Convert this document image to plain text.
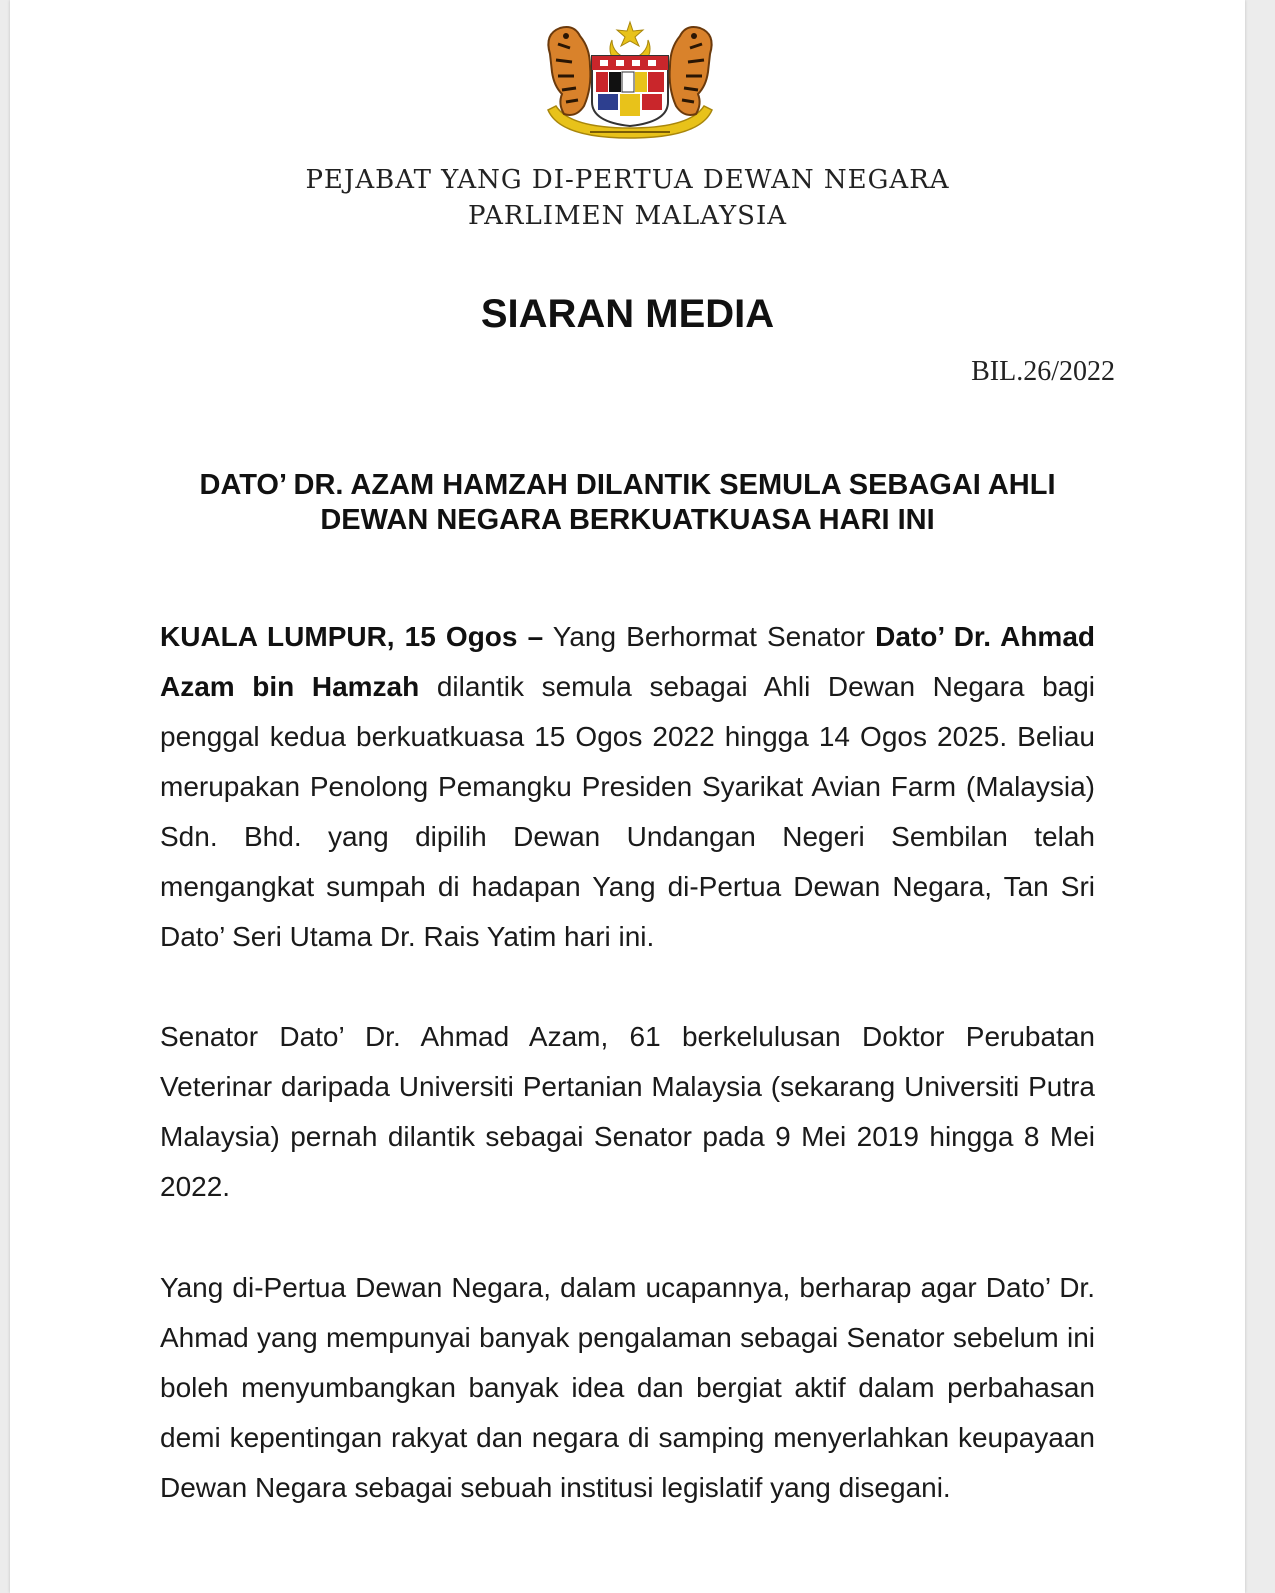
PEJABAT YANG DI-PERTUA DEWAN NEGARA

PARLIMEN MALAYSIA

SIARAN MEDIA
BIL.26/2022
DATO’ DR. AZAM HAMZAH DILANTIK SEMULA SEBAGAI AHLI
DEWAN NEGARA BERKUATKUASA HARI INI

KUALA LUMPUR, 15 Ogos – Yang Berhormat Senator Dato’ Dr. Ahmad Azam bin Hamzah dilantik semula sebagai Ahli Dewan Negara bagi penggal kedua berkuatkuasa 15 Ogos 2022 hingga 14 Ogos 2025. Beliau merupakan Penolong Pemangku Presiden Syarikat Avian Farm (Malaysia) Sdn. Bhd. yang dipilih Dewan Undangan Negeri Sembilan telah mengangkat sumpah di hadapan Yang di-Pertua Dewan Negara, Tan Sri Dato’ Seri Utama Dr. Rais Yatim hari ini.

Senator Dato’ Dr. Ahmad Azam, 61 berkelulusan Doktor Perubatan Veterinar daripada Universiti Pertanian Malaysia (sekarang Universiti Putra Malaysia) pernah dilantik sebagai Senator pada 9 Mei 2019 hingga 8 Mei 2022.

Yang di-Pertua Dewan Negara, dalam ucapannya, berharap agar Dato’ Dr. Ahmad yang mempunyai banyak pengalaman sebagai Senator sebelum ini boleh menyumbangkan banyak idea dan bergiat aktif dalam perbahasan demi kepentingan rakyat dan negara di samping menyerlahkan keupayaan Dewan Negara sebagai sebuah institusi legislatif yang disegani.
